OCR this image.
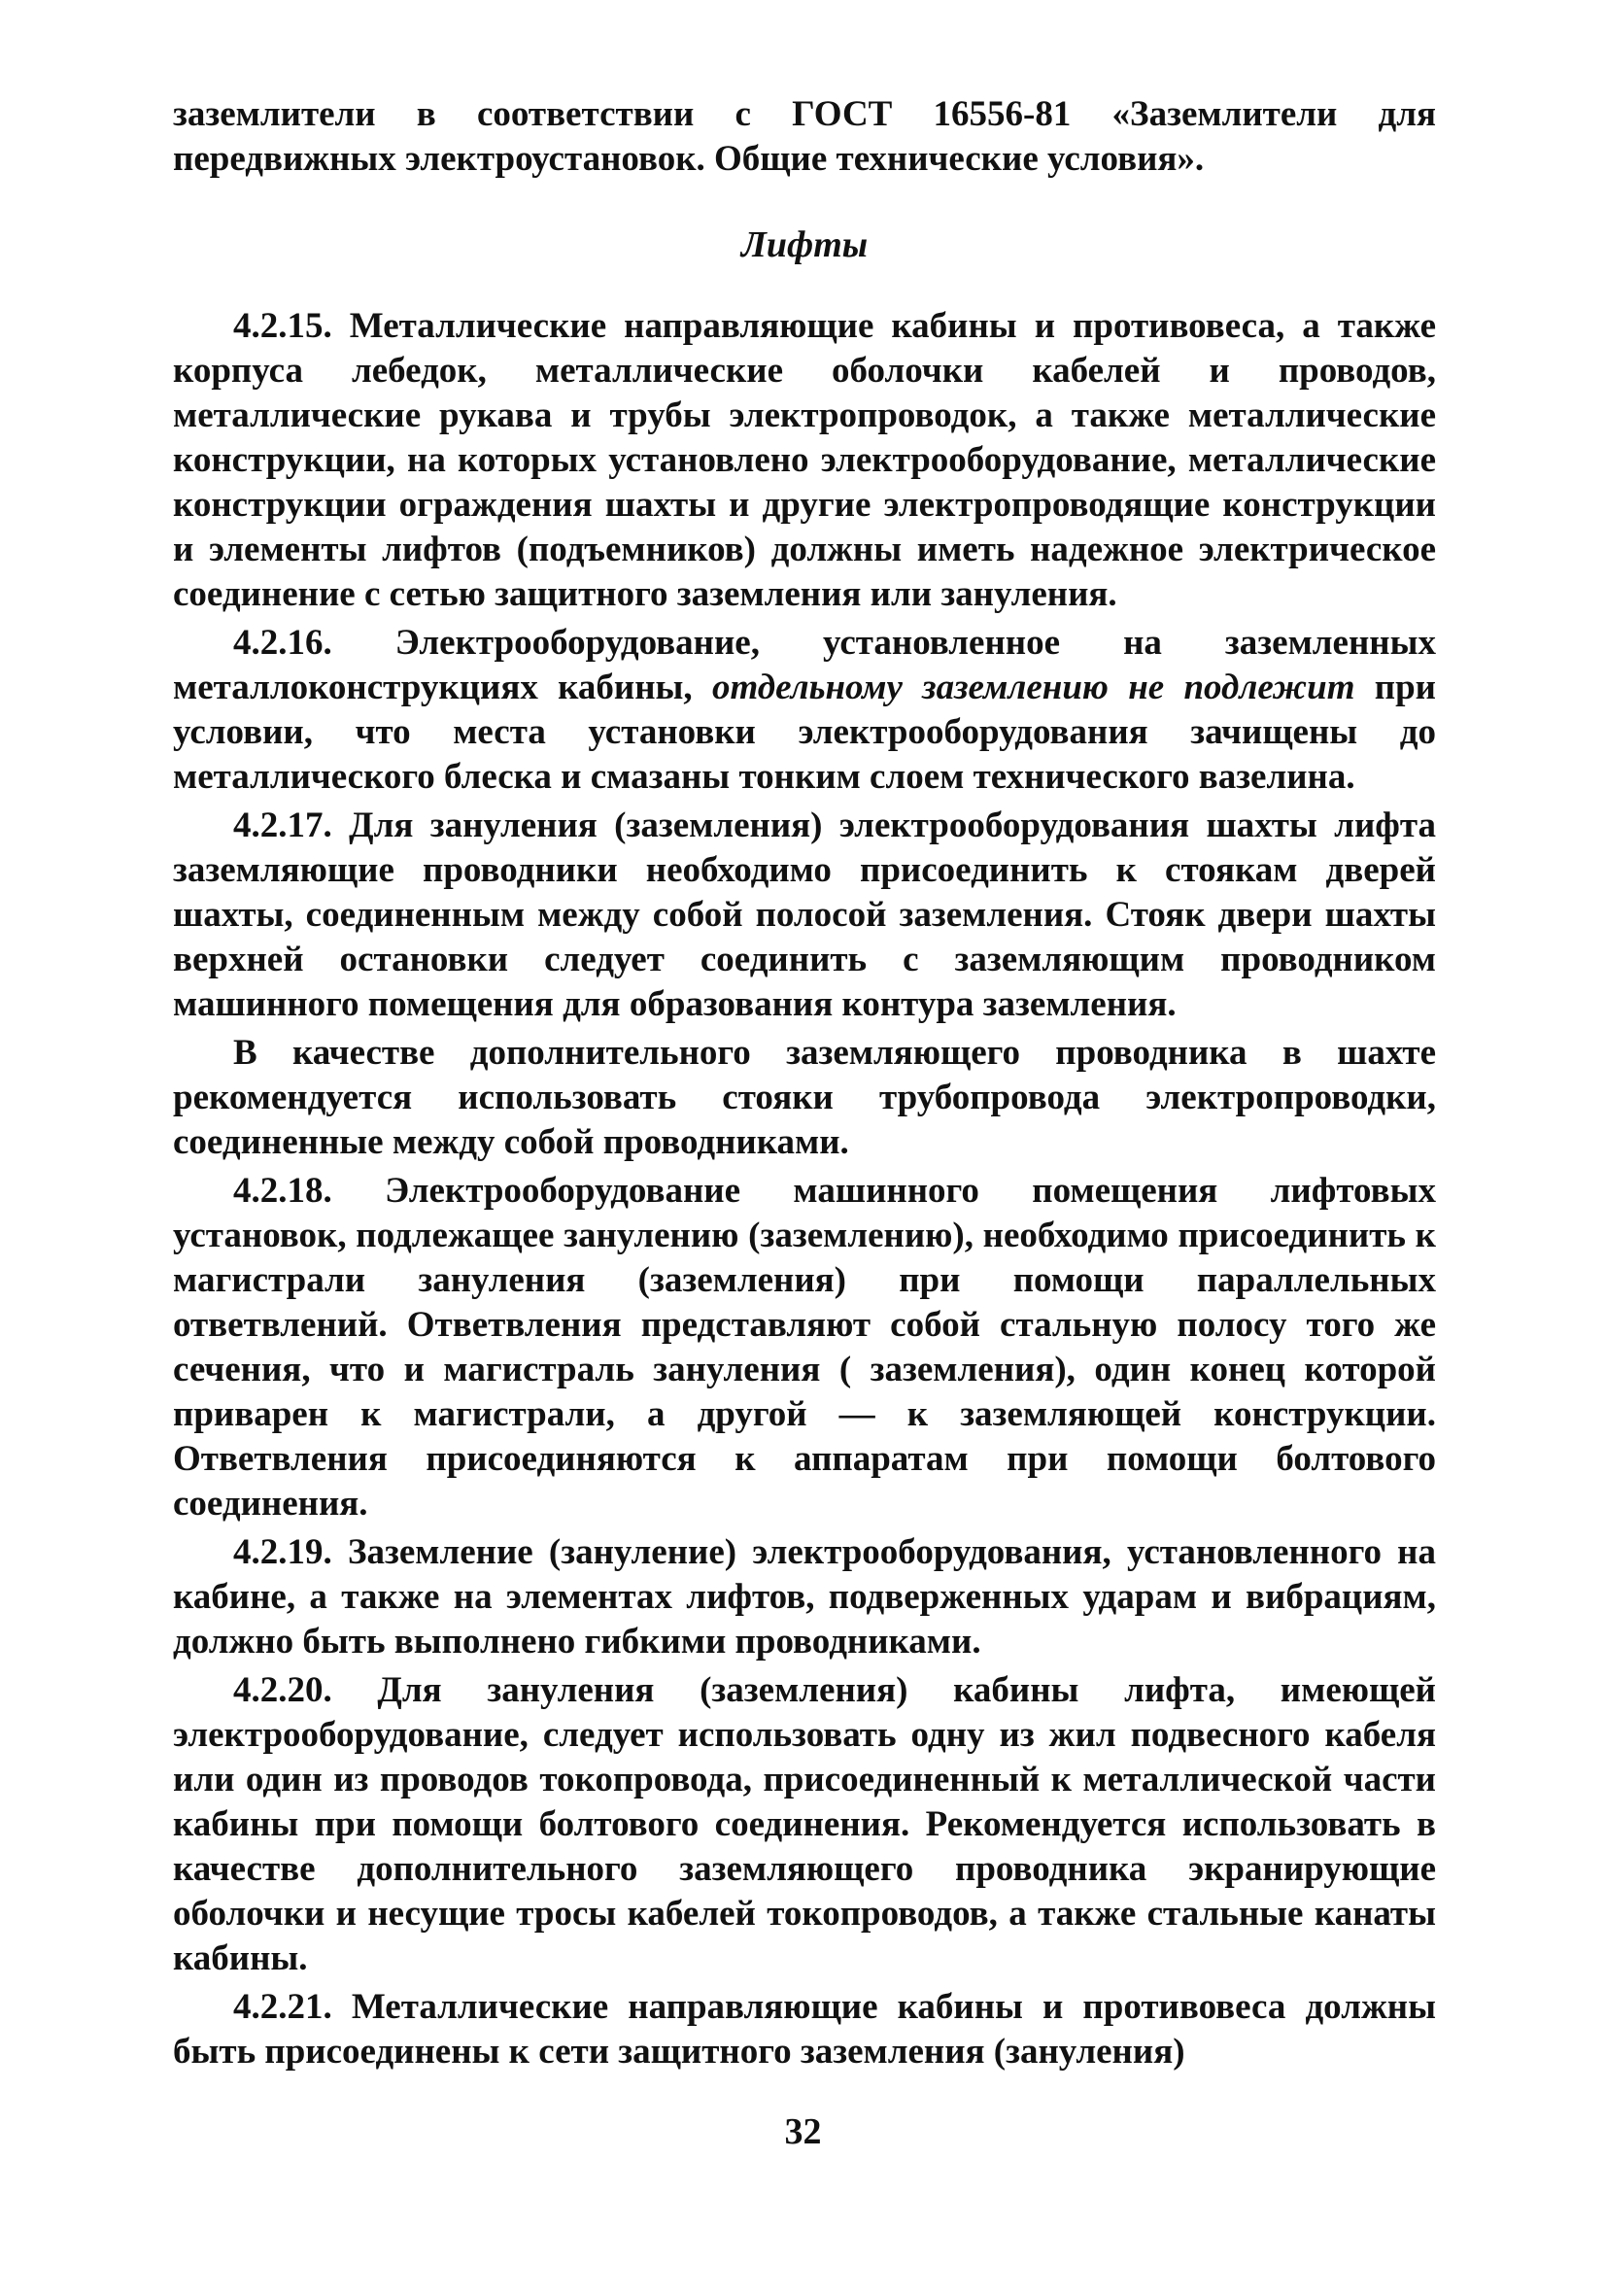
заземлители в соответствии с ГОСТ 16556-81 «Заземлители для передвижных электроустановок. Общие технические условия».

Лифты

4.2.15. Металлические направляющие кабины и противовеса, а также корпуса лебедок, металлические оболочки кабелей и проводов, металлические рукава и трубы электропроводок, а также металлические конструкции, на которых установлено электрооборудование, металлические конструкции ограждения шахты и другие электропроводящие конструкции и элементы лифтов (подъемников) должны иметь надежное электрическое соединение с сетью защитного заземления или зануления.

4.2.16. Электрооборудование, установленное на заземленных металлоконструкциях кабины, отдельному заземлению не подлежит при условии, что места установки электрооборудования зачищены до металлического блеска и смазаны тонким слоем технического вазелина.

4.2.17. Для зануления (заземления) электрооборудования шахты лифта заземляющие проводники необходимо присоединить к стоякам дверей шахты, соединенным между собой полосой заземления. Стояк двери шахты верхней остановки следует соединить с заземляющим проводником машинного помещения для образования контура заземления.

В качестве дополнительного заземляющего проводника в шахте рекомендуется использовать стояки трубопровода электропроводки, соединенные между собой проводниками.

4.2.18. Электрооборудование машинного помещения лифтовых установок, подлежащее занулению (заземлению), необходимо присоединить к магистрали зануления (заземления) при помощи параллельных ответвлений. Ответвления представляют собой стальную полосу того же сечения, что и магистраль зануления ( заземления), один конец которой приварен к магистрали, а другой — к заземляющей конструкции. Ответвления присоединяются к аппаратам при помощи болтового соединения.

4.2.19. Заземление (зануление) электрооборудования, установленного на кабине, а также на элементах лифтов, подверженных ударам и вибрациям, должно быть выполнено гибкими проводниками.

4.2.20. Для зануления (заземления) кабины лифта, имеющей электрооборудование, следует использовать одну из жил подвесного кабеля или один из проводов токопровода, присоединенный к металлической части кабины при помощи болтового соединения. Рекомендуется использовать в качестве дополнительного заземляющего проводника экранирующие оболочки и несущие тросы кабелей токопроводов, а также стальные канаты кабины.

4.2.21. Металлические направляющие кабины и противовеса должны быть присоединены к сети защитного заземления (зануления)

32
